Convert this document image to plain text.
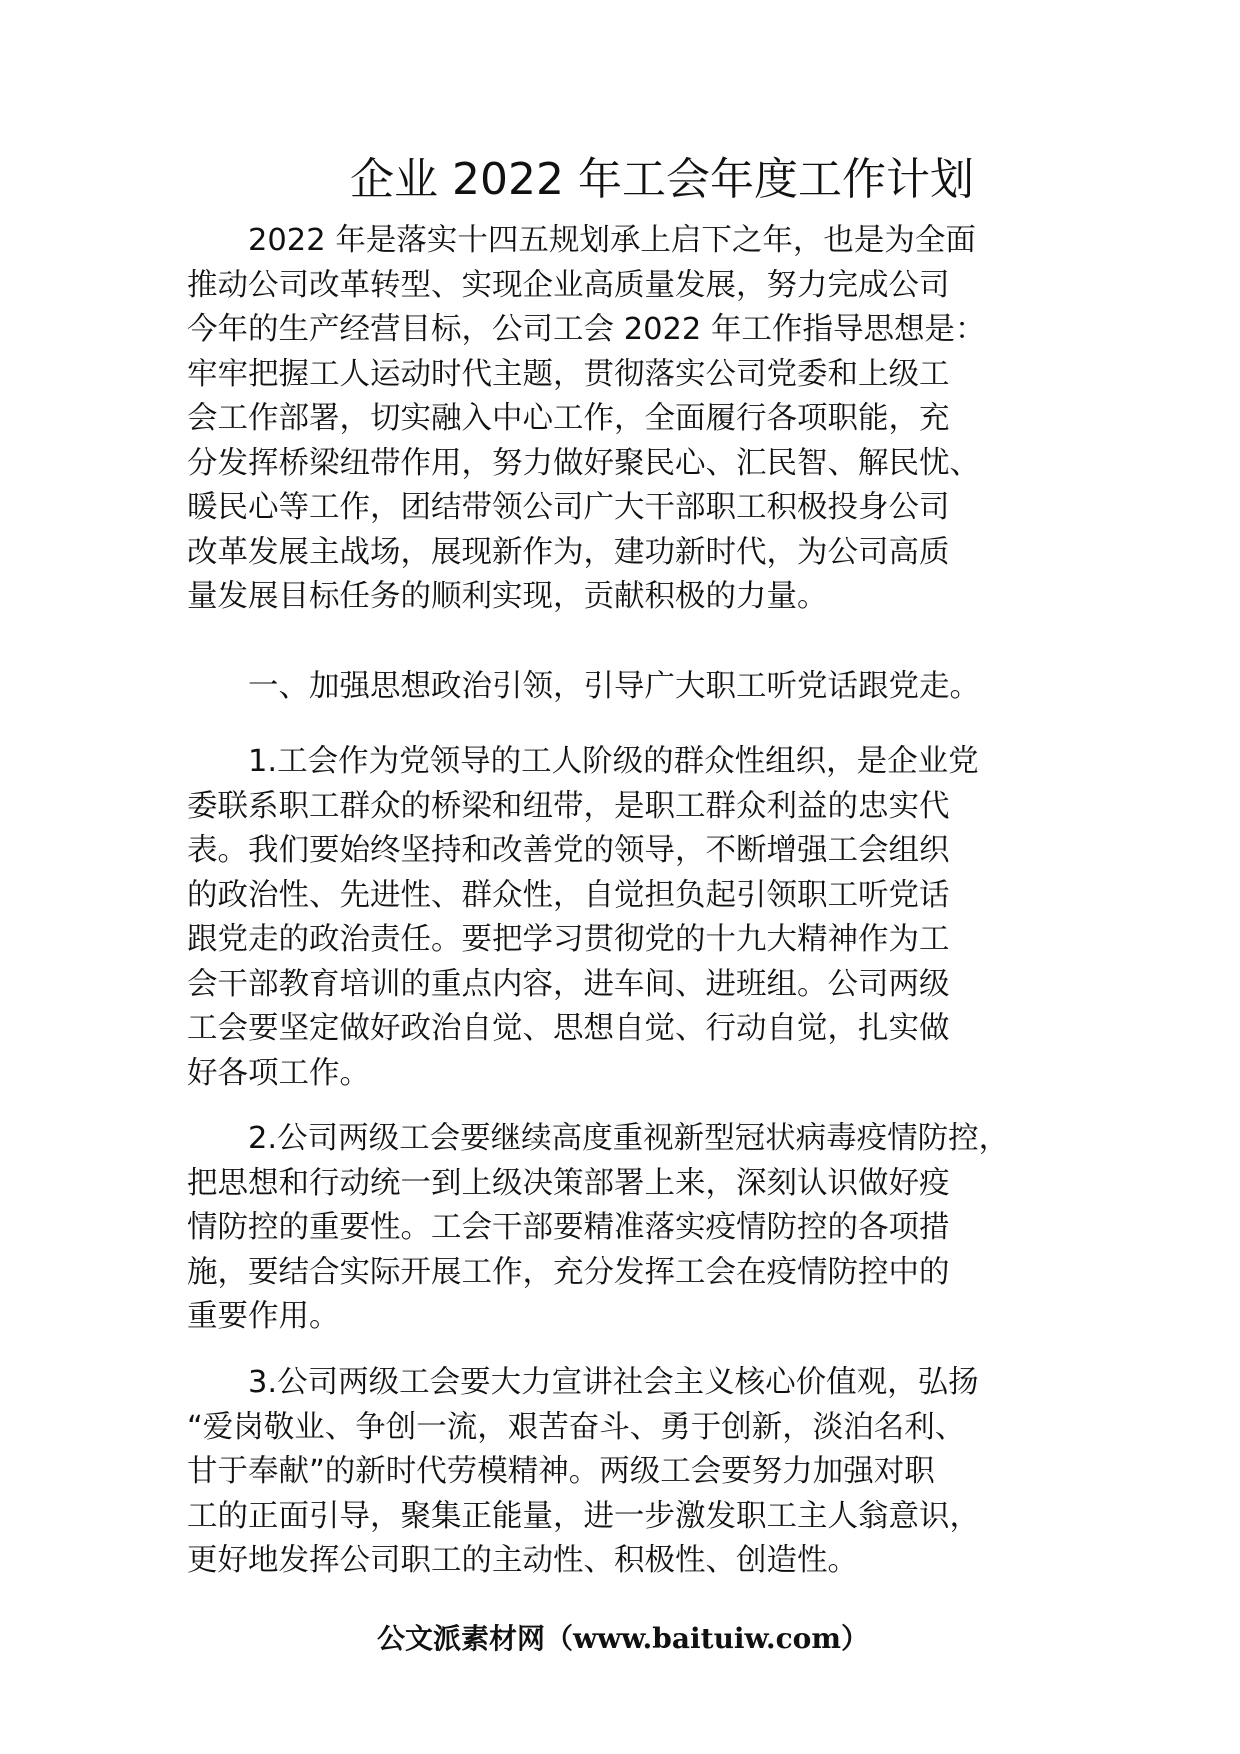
企业 2022 年工会年度工作计划
　　2022 年是落实十四五规划承上启下之年，也是为全面
推动公司改革转型、实现企业高质量发展，努力完成公司
今年的生产经营目标，公司工会 2022 年工作指导思想是：
牢牢把握工人运动时代主题，贯彻落实公司党委和上级工
会工作部署，切实融入中心工作，全面履行各项职能，充
分发挥桥梁纽带作用，努力做好聚民心、汇民智、解民忧、
暖民心等工作，团结带领公司广大干部职工积极投身公司
改革发展主战场，展现新作为，建功新时代，为公司高质
量发展目标任务的顺利实现，贡献积极的力量。
　　一、加强思想政治引领，引导广大职工听党话跟党走。
　　1.工会作为党领导的工人阶级的群众性组织，是企业党
委联系职工群众的桥梁和纽带，是职工群众利益的忠实代
表。我们要始终坚持和改善党的领导，不断增强工会组织
的政治性、先进性、群众性，自觉担负起引领职工听党话
跟党走的政治责任。要把学习贯彻党的十九大精神作为工
会干部教育培训的重点内容，进车间、进班组。公司两级
工会要坚定做好政治自觉、思想自觉、行动自觉，扎实做
好各项工作。
　　2.公司两级工会要继续高度重视新型冠状病毒疫情防控，
把思想和行动统一到上级决策部署上来，深刻认识做好疫
情防控的重要性。工会干部要精准落实疫情防控的各项措
施，要结合实际开展工作，充分发挥工会在疫情防控中的
重要作用。
　　3.公司两级工会要大力宣讲社会主义核心价值观，弘扬
“爱岗敬业、争创一流，艰苦奋斗、勇于创新，淡泊名利、
甘于奉献”的新时代劳模精神。两级工会要努力加强对职
工的正面引导，聚集正能量，进一步激发职工主人翁意识，
更好地发挥公司职工的主动性、积极性、创造性。
公文派素材网（www.baituiw.com）
